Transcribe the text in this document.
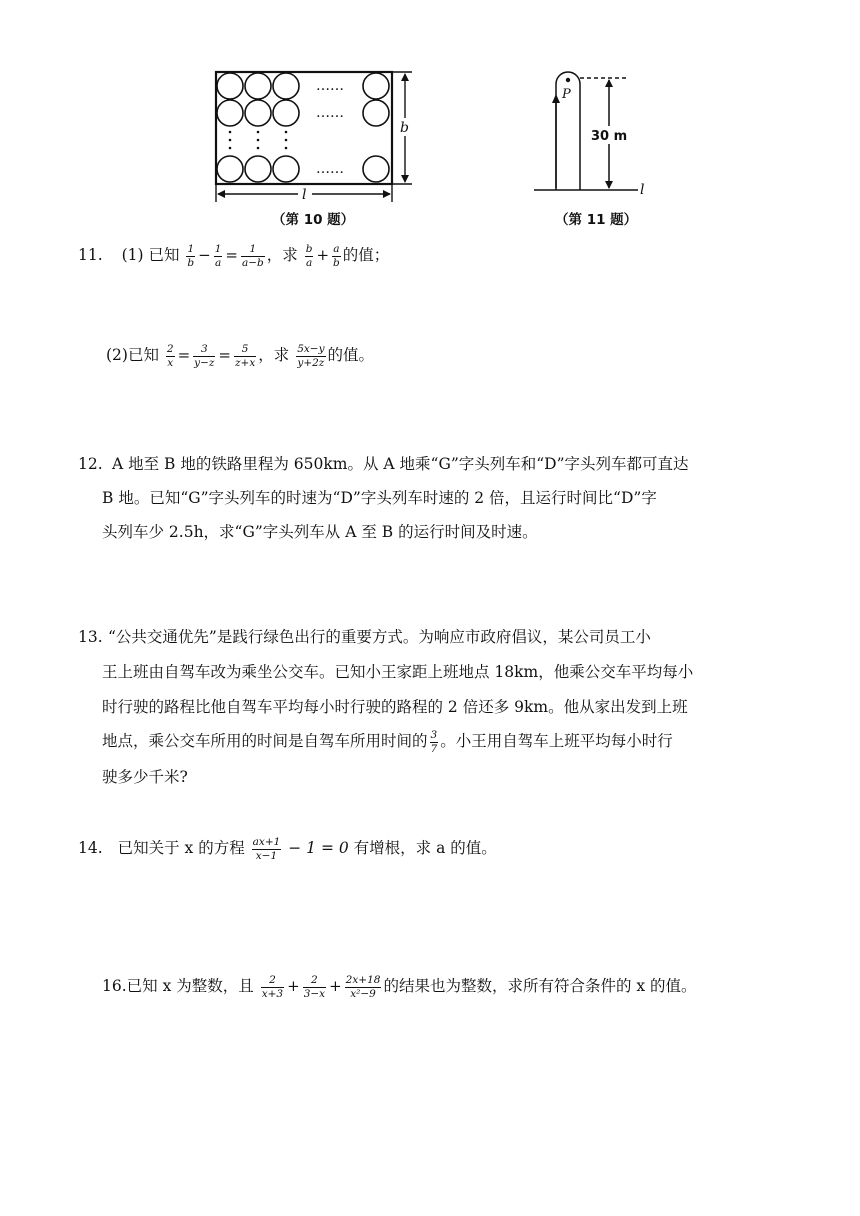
……
……
……
b
l
（第 10 题）
P
30 m
l
（第 11 题）
11. (1) 已知 $\frac{1}{b} - \frac{1}{a} = \frac{1}{a-b}$ ，求 $\frac{b}{a} + \frac{a}{b}$ 的值；
(2)已知 $\frac{2}{x} = \frac{3}{y-z} = \frac{5}{z+x}$ ，求 $\frac{5x-y}{y+2z}$ 的值。
12. A 地至 B 地的铁路里程为 650km。从 A 地乘“G”字头列车和“D”字头列车都可直达
B 地。已知“G”字头列车的时速为“D”字头列车时速的 2 倍，且运行时间比“D”字
头列车少 2.5h，求“G”字头列车从 A 至 B 的运行时间及时速。
13. “公共交通优先”是践行绿色出行的重要方式。为响应市政府倡议，某公司员工小
王上班由自驾车改为乘坐公交车。已知小王家距上班地点 18km，他乘公交车平均每小
时行驶的路程比他自驾车平均每小时行驶的路程的 2 倍还多 9km。他从家出发到上班
地点，乘公交车所用的时间是自驾车所用时间的 $\frac{3}{7}$ 。小王用自驾车上班平均每小时行
驶多少千米?
14. 已知关于 x 的方程 $\frac{ax+1}{x-1} - 1 = 0$ 有增根，求 a 的值。
16.已知 x 为整数，且 $\frac{2}{x+3} + \frac{2}{3-x} + \frac{2x+18}{\text{x²−9}}$ 的结果也为整数，求所有符合条件的 x 的值。
